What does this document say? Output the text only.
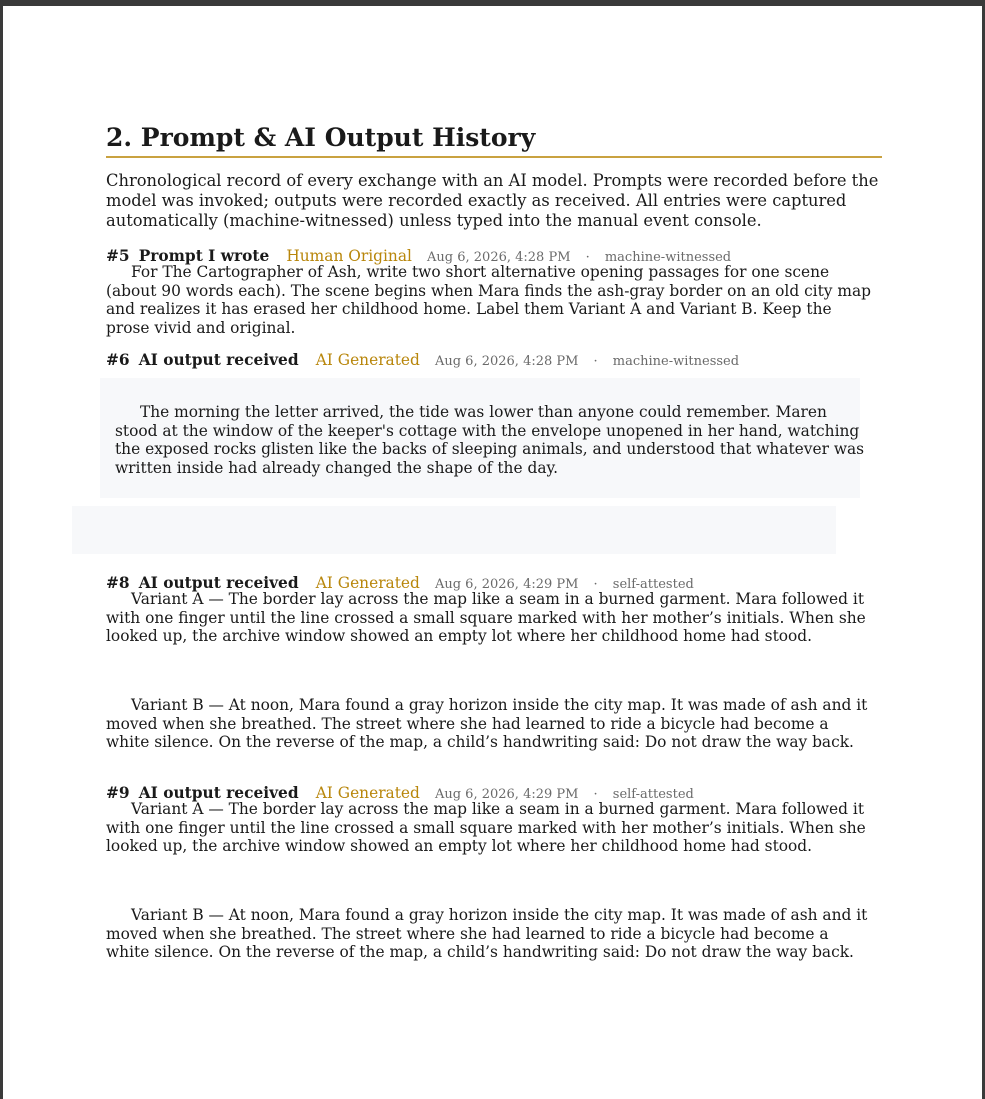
2. Prompt & AI Output History

Chronological record of every exchange with an AI model. Prompts were recorded before the model was invoked; outputs were recorded exactly as received. All entries were captured automatically (machine-witnessed) unless typed into the manual event console.

#5 Prompt I wrote Human Original Aug 6, 2026, 4:28 PM · machine-witnessed

For The Cartographer of Ash, write two short alternative opening passages for one scene (about 90 words each). The scene begins when Mara finds the ash-gray border on an old city map and realizes it has erased her childhood home. Label them Variant A and Variant B. Keep the prose vivid and original.

#6 AI output received AI Generated Aug 6, 2026, 4:28 PM · machine-witnessed

The morning the letter arrived, the tide was lower than anyone could remember. Maren stood at the window of the keeper's cottage with the envelope unopened in her hand, watching the exposed rocks glisten like the backs of sleeping animals, and understood that whatever was written inside had already changed the shape of the day.

#8 AI output received AI Generated Aug 6, 2026, 4:29 PM · self-attested

Variant A — The border lay across the map like a seam in a burned garment. Mara followed it with one finger until the line crossed a small square marked with her mother’s initials. When she looked up, the archive window showed an empty lot where her childhood home had stood.

Variant B — At noon, Mara found a gray horizon inside the city map. It was made of ash and it moved when she breathed. The street where she had learned to ride a bicycle had become a white silence. On the reverse of the map, a child’s handwriting said: Do not draw the way back.

#9 AI output received AI Generated Aug 6, 2026, 4:29 PM · self-attested

Variant A — The border lay across the map like a seam in a burned garment. Mara followed it with one finger until the line crossed a small square marked with her mother’s initials. When she looked up, the archive window showed an empty lot where her childhood home had stood.

Variant B — At noon, Mara found a gray horizon inside the city map. It was made of ash and it moved when she breathed. The street where she had learned to ride a bicycle had become a white silence. On the reverse of the map, a child’s handwriting said: Do not draw the way back.
